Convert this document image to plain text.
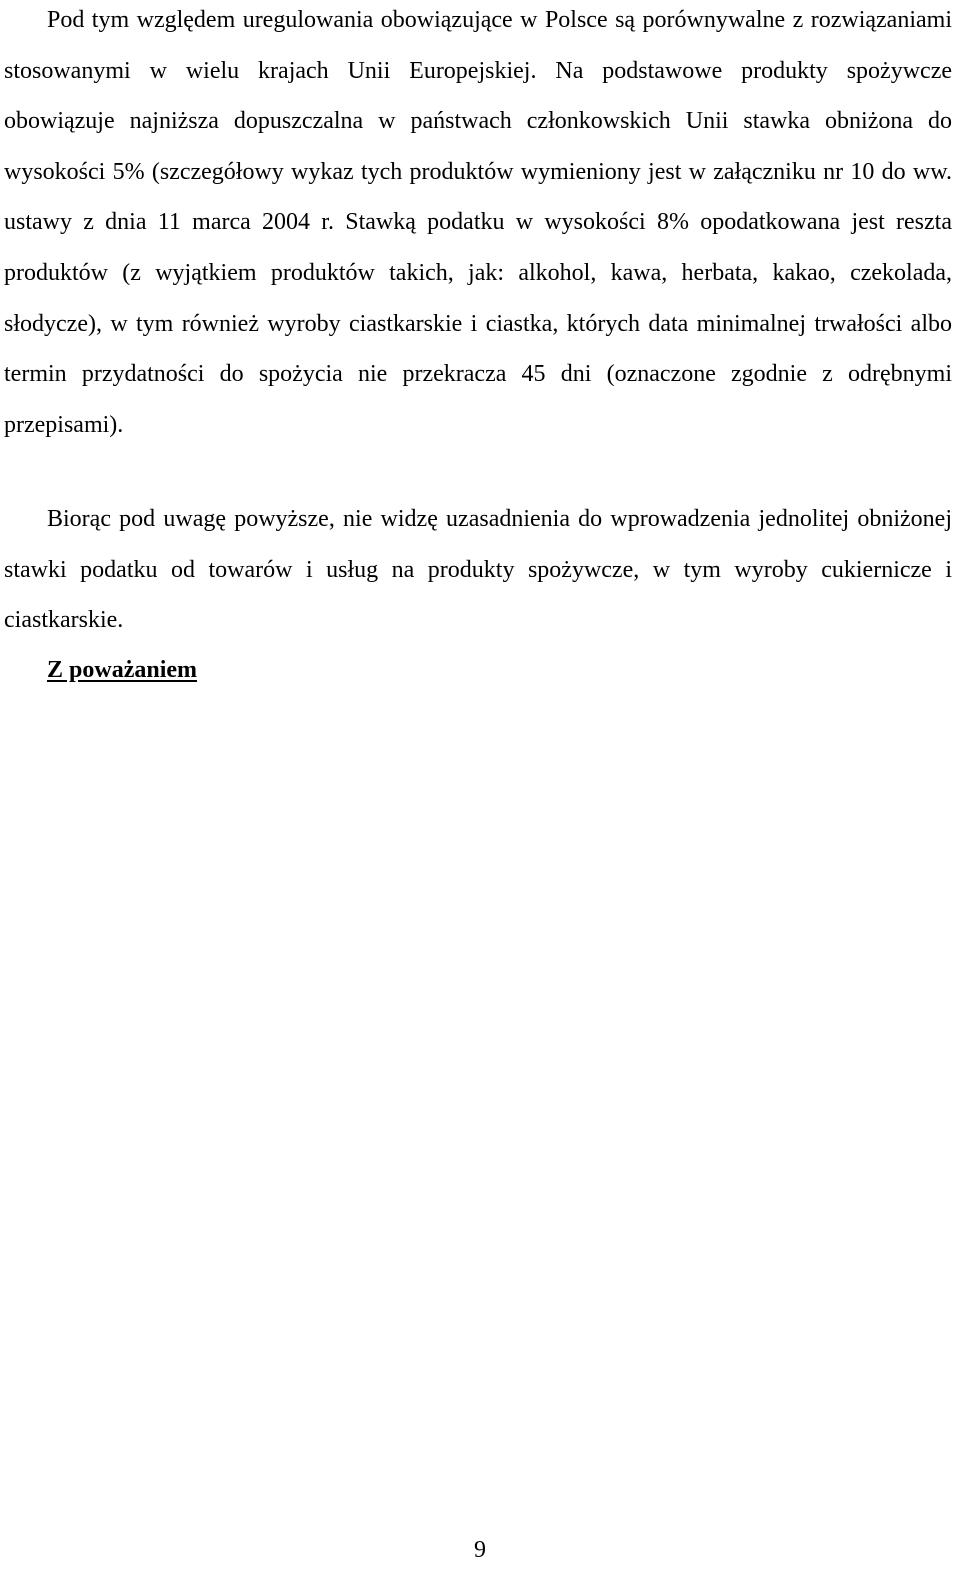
Pod tym względem uregulowania obowiązujące w Polsce są porównywalne z rozwiązaniami stosowanymi w wielu krajach Unii Europejskiej. Na podstawowe produkty spożywcze obowiązuje najniższa dopuszczalna w państwach członkowskich Unii stawka obniżona do wysokości 5% (szczegółowy wykaz tych produktów wymieniony jest w załączniku nr 10 do ww. ustawy z dnia 11 marca 2004 r. Stawką podatku w wysokości 8% opodatkowana jest reszta produktów (z wyjątkiem produktów takich, jak: alkohol, kawa, herbata, kakao, czekolada, słodycze), w tym również wyroby ciastkarskie i ciastka, których data minimalnej trwałości albo termin przydatności do spożycia nie przekracza 45 dni (oznaczone zgodnie z odrębnymi przepisami).

Biorąc pod uwagę powyższe, nie widzę uzasadnienia do wprowadzenia jednolitej obniżonej stawki podatku od towarów i usług na produkty spożywcze, w tym wyroby cukiernicze i ciastkarskie.

Z poważaniem

9
